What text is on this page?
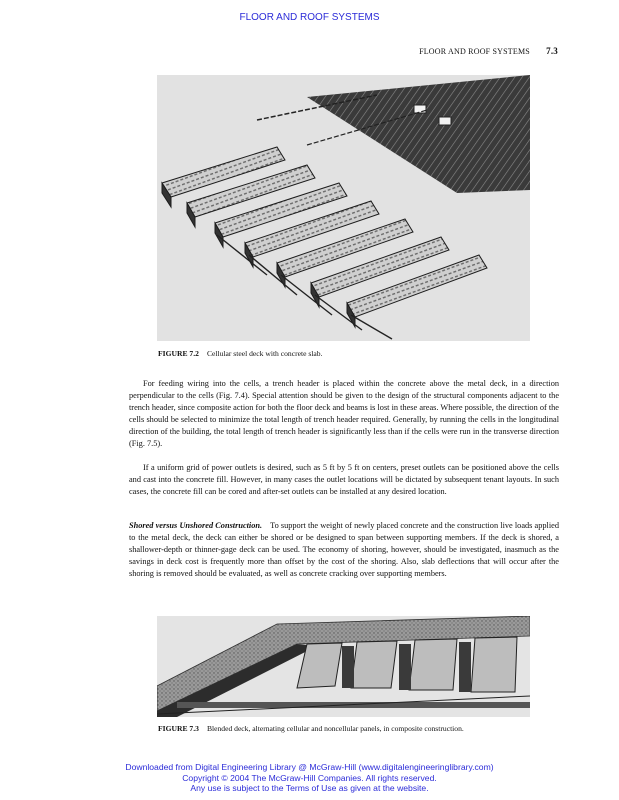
FLOOR AND ROOF SYSTEMS
FLOOR AND ROOF SYSTEMS 7.3
FIGURE 7.2 Cellular steel deck with concrete slab.

For feeding wiring into the cells, a trench header is placed within the concrete above the metal deck, in a direction perpendicular to the cells (Fig. 7.4). Special attention should be given to the design of the structural components adjacent to the trench header, since composite action for both the floor deck and beams is lost in these areas. Where possible, the direction of the cells should be selected to minimize the total length of trench header required. Generally, by running the cells in the longitudinal direction of the building, the total length of trench header is significantly less than if the cells were run in the transverse direction (Fig. 7.5).

If a uniform grid of power outlets is desired, such as 5 ft by 5 ft on centers, preset outlets can be positioned above the cells and cast into the concrete fill. However, in many cases the outlet locations will be dictated by subsequent tenant layouts. In such cases, the concrete fill can be cored and after-set outlets can be installed at any desired location.

Shored versus Unshored Construction. To support the weight of newly placed concrete and the construction live loads applied to the metal deck, the deck can either be shored or be designed to span between supporting members. If the deck is shored, a shallower-depth or thinner-gage deck can be used. The economy of shoring, however, should be investigated, inasmuch as the savings in deck cost is frequently more than offset by the cost of the shoring. Also, slab deflections that will occur after the shoring is removed should be evaluated, as well as concrete cracking over supporting members.

FIGURE 7.3 Blended deck, alternating cellular and noncellular panels, in composite construction.
Downloaded from Digital Engineering Library @ McGraw-Hill (www.digitalengineeringlibrary.com)
Copyright © 2004 The McGraw-Hill Companies. All rights reserved.
Any use is subject to the Terms of Use as given at the website.
